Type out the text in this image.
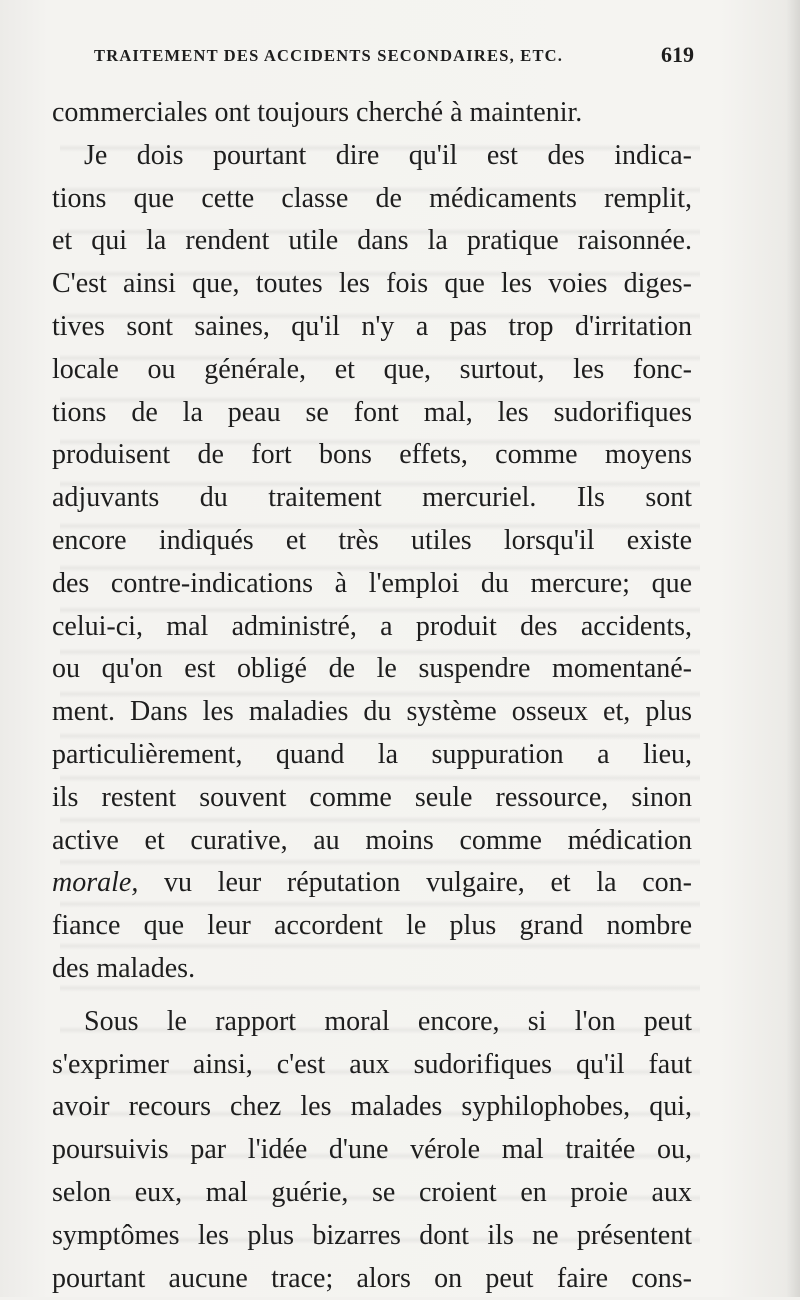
TRAITEMENT DES ACCIDENTS SECONDAIRES, ETC.	619
commerciales ont toujours cherché à maintenir.
Je dois pourtant dire qu'il est des indica-
tions que cette classe de médicaments remplit,
et qui la rendent utile dans la pratique raisonnée.
C'est ainsi que, toutes les fois que les voies diges-
tives sont saines, qu'il n'y a pas trop d'irritation
locale ou générale, et que, surtout, les fonc-
tions de la peau se font mal, les sudorifiques
produisent de fort bons effets, comme moyens
adjuvants du traitement mercuriel. Ils sont
encore indiqués et très utiles lorsqu'il existe
des contre-indications à l'emploi du mercure; que
celui-ci, mal administré, a produit des accidents,
ou qu'on est obligé de le suspendre momentané-
ment. Dans les maladies du système osseux et, plus
particulièrement, quand la suppuration a lieu,
ils restent souvent comme seule ressource, sinon
active et curative, au moins comme médication
morale, vu leur réputation vulgaire, et la con-
fiance que leur accordent le plus grand nombre
des malades.
Sous le rapport moral encore, si l'on peut
s'exprimer ainsi, c'est aux sudorifiques qu'il faut
avoir recours chez les malades syphilophobes, qui,
poursuivis par l'idée d'une vérole mal traitée ou,
selon eux, mal guérie, se croient en proie aux
symptômes les plus bizarres dont ils ne présentent
pourtant aucune trace; alors on peut faire cons-
